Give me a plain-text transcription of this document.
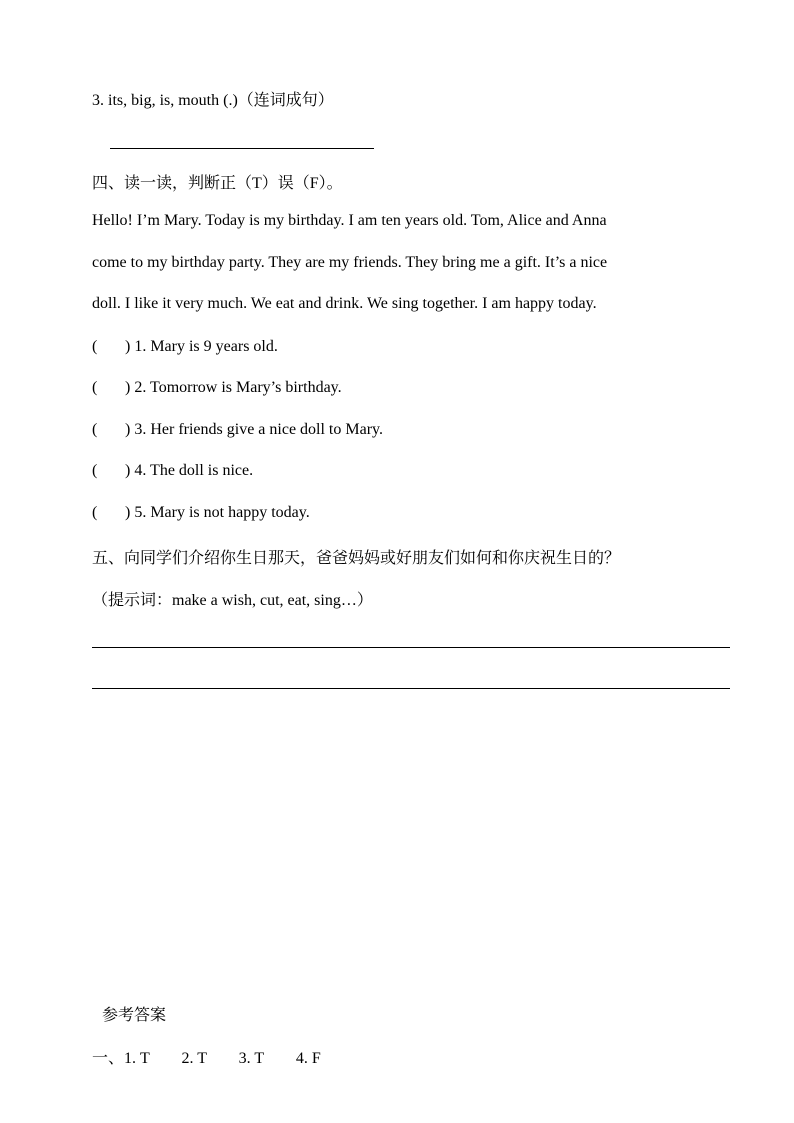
3. its, big, is, mouth (.)（连词成句）
四、读一读，判断正（T）误（F）。
Hello! I’m Mary. Today is my birthday. I am ten years old. Tom, Alice and Anna
come to my birthday party. They are my friends. They bring me a gift. It’s a nice
doll. I like it very much. We eat and drink. We sing together. I am happy today.
( ) 1. Mary is 9 years old.
( ) 2. Tomorrow is Mary’s birthday.
( ) 3. Her friends give a nice doll to Mary.
( ) 4. The doll is nice.
( ) 5. Mary is not happy today.
五、向同学们介绍你生日那天，爸爸妈妈或好朋友们如何和你庆祝生日的？
（提示词：make a wish, cut, eat, sing…）
参考答案
一、1. T        2. T        3. T        4. F
